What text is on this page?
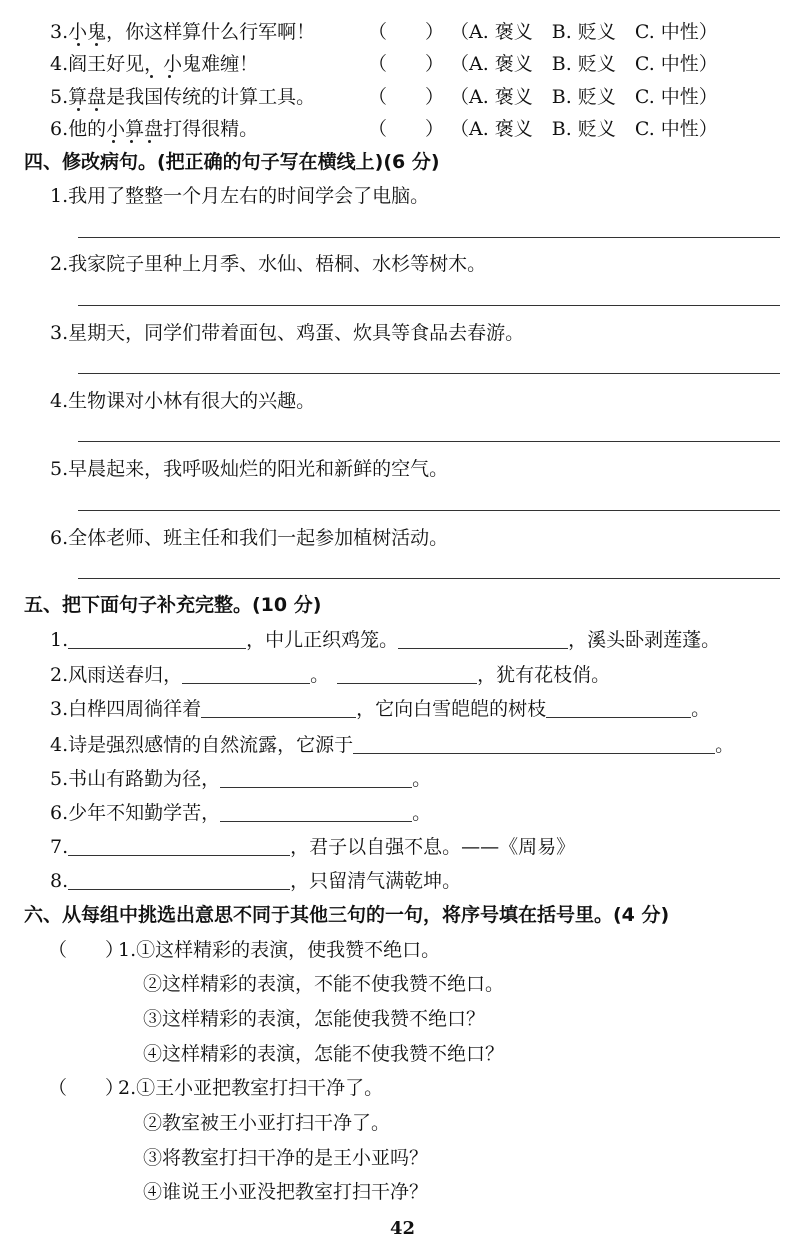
3.小鬼，你这样算什么行军啊！	（　　） （A. 褒义　B. 贬义　C. 中性）
4.阎王好见，小鬼难缠！	（　　） （A. 褒义　B. 贬义　C. 中性）
5.算盘是我国传统的计算工具。	（　　） （A. 褒义　B. 贬义　C. 中性）
6.他的小算盘打得很精。	（　　） （A. 褒义　B. 贬义　C. 中性）
四、修改病句。(把正确的句子写在横线上)(6 分)
1.我用了整整一个月左右的时间学会了电脑。
2.我家院子里种上月季、水仙、梧桐、水杉等树木。
3.星期天，同学们带着面包、鸡蛋、炊具等食品去春游。
4.生物课对小林有很大的兴趣。
5.早晨起来，我呼吸灿烂的阳光和新鲜的空气。
6.全体老师、班主任和我们一起参加植树活动。
五、把下面句子补充完整。(10 分)
1.	，中儿正织鸡笼。	，溪头卧剥莲蓬。
2.风雨送春归，	。	，犹有花枝俏。
3.白桦四周徜徉着	，它向白雪皑皑的树枝	。
4.诗是强烈感情的自然流露，它源于	。
5.书山有路勤为径，	。
6.少年不知勤学苦，	。
7.	，君子以自强不息。——《周易》
8.	，只留清气满乾坤。
六、从每组中挑选出意思不同于其他三句的一句，将序号填在括号里。(4 分)
（　　）
1.①这样精彩的表演，使我赞不绝口。
②这样精彩的表演，不能不使我赞不绝口。
③这样精彩的表演，怎能使我赞不绝口？
④这样精彩的表演，怎能不使我赞不绝口？
（　　）
2.①王小亚把教室打扫干净了。
②教室被王小亚打扫干净了。
③将教室打扫干净的是王小亚吗？
④谁说王小亚没把教室打扫干净？
42
